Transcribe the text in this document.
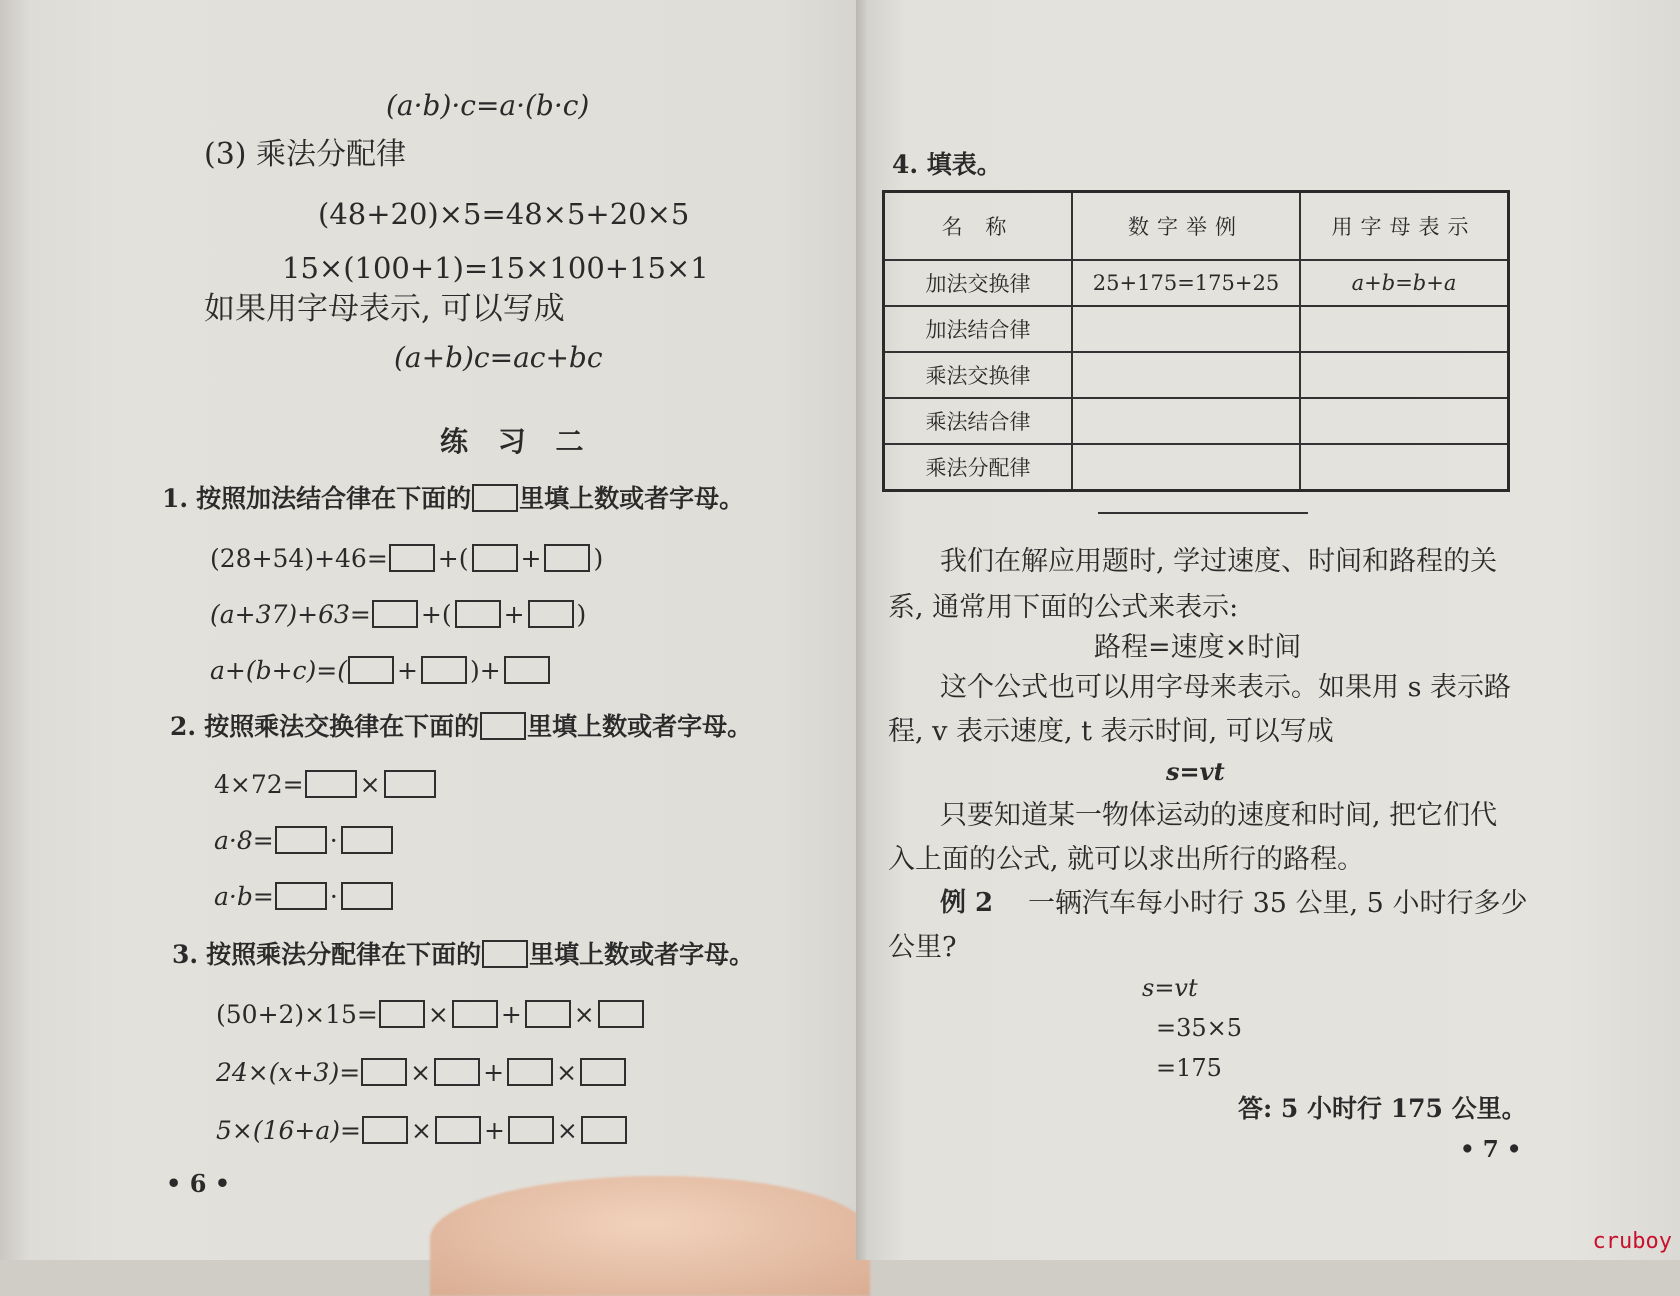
(a·b)·c=a·(b·c)
(3) 乘法分配律
(48+20)×5=48×5+20×5
15×(100+1)=15×100+15×1
如果用字母表示, 可以写成
(a+b)c=ac+bc
练 习 二
1.
按照加法结合律在下面的 里填上数或者字母。
(28+54)+46= +( + )
(a+37)+63= +( + )
a+(b+c)=( + )+
2.
按照乘法交换律在下面的 里填上数或者字母。
4×72= ×
a·8= ·
a·b= ·
3.
按照乘法分配律在下面的 里填上数或者字母。
(50+2)×15= × + ×
24×(x+3)= × + ×
5×(16+a)= × + ×
• 6 •
4. 填表。
名 称	数字举例	用字母表示
加法交换律	25+175=175+25	a+b=b+a
加法结合律		
乘法交换律		
乘法结合律		
乘法分配律		
我们在解应用题时, 学过速度、时间和路程的关
系, 通常用下面的公式来表示:
路程=速度×时间
这个公式也可以用字母来表示。如果用 s 表示路
程, v 表示速度, t 表示时间, 可以写成
s=vt
只要知道某一物体运动的速度和时间, 把它们代
入上面的公式, 就可以求出所行的路程。
例 2 一辆汽车每小时行 35 公里, 5 小时行多少
公里?
s=vt
=35×5
=175
答: 5 小时行 175 公里。
• 7 •
cruboy
